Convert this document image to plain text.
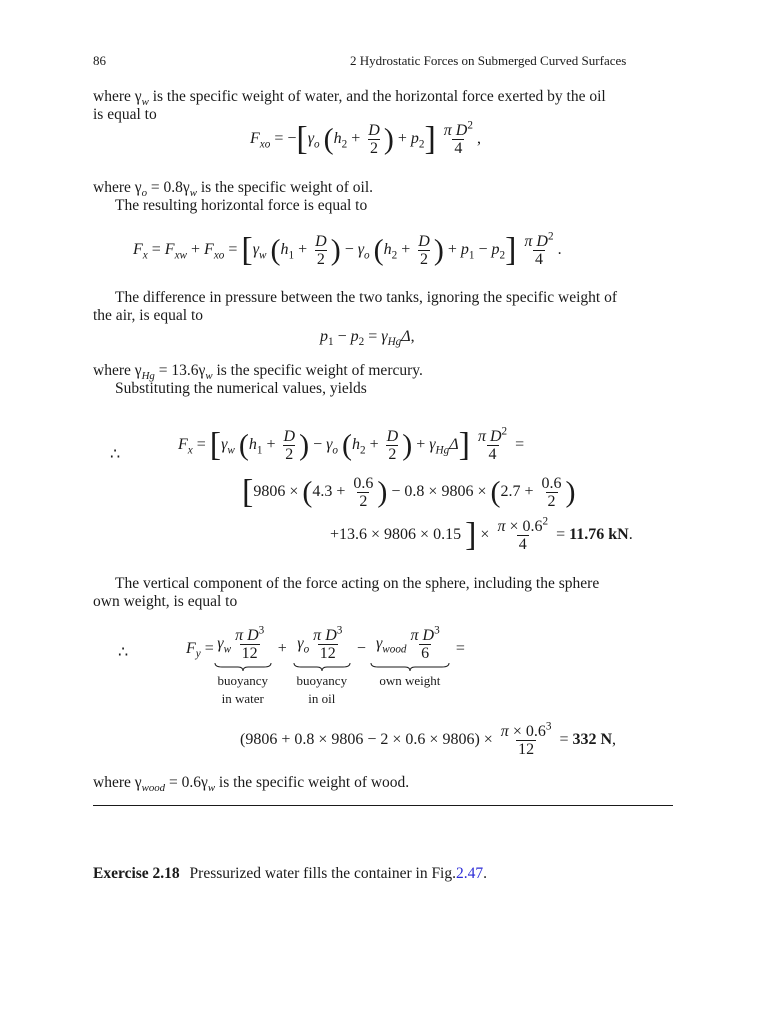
86	2 Hydrostatic Forces on Submerged Curved Surfaces
where $\gamma_w$ is the specific weight of water, and the horizontal force exerted by the oil
is equal to
$F_{xo} = -[\gamma_o$ ($h_2 + \frac{D}{2}$ ) + $p_2] \frac{\pi D^2}{4}$ ,
where $\gamma_o = 0.8\gamma_w$ is the specific weight of oil.
The resulting horizontal force is equal to
$F_x = F_{xw} + F_{xo} = [\gamma_w$ ($h_1 + \frac{D}{2}$ ) − $\gamma_o$ ($h_2 + \frac{D}{2}$ ) + $p_1 - p_2] \frac{\pi D^2}{4}$ .
The difference in pressure between the two tanks, ignoring the specific weight of
the air, is equal to
$p_1 - p_2 = \gamma_{Hg}\Delta$,
where $\gamma_{Hg} = 13.6\gamma_w$ is the specific weight of mercury.
Substituting the numerical values, yields
∴
$F_x = [\gamma_w$ ($h_1 + \frac{D}{2}$ ) − $\gamma_o$ ($h_2 + \frac{D}{2}$ ) + $\gamma_{Hg}\Delta] \frac{\pi D^2}{4}$ =
[$9806 \times (4.3 + \frac{0.6}{2}$ ) − $0.8 \times 9806 \times (2.7 + \frac{0.6}{2}$ )
+13.6 × 9806 × 0.15 ] × $\frac{\pi \times 0.6^2}{4} = 11.76$ kN.
The vertical component of the force acting on the sphere, including the sphere
own weight, is equal to
∴	$F_y = \gamma_w \frac{\pi D^3}{12}$
buoyancy
in water
+ $\gamma_o \frac{\pi D^3}{12}$
buoyancy
in oil
− $\gamma_{wood} \frac{\pi D^3}{6}$
own weight
=
$(9806 + 0.8 \times 9806 - 2 \times 0.6 \times 9806) \times \frac{\pi \times 0.6^3}{12} = 332$ N,
where $\gamma_{wood} = 0.6\gamma_w$ is the specific weight of wood.
Exercise 2.18 Pressurized water fills the container in Fig.2.47.
